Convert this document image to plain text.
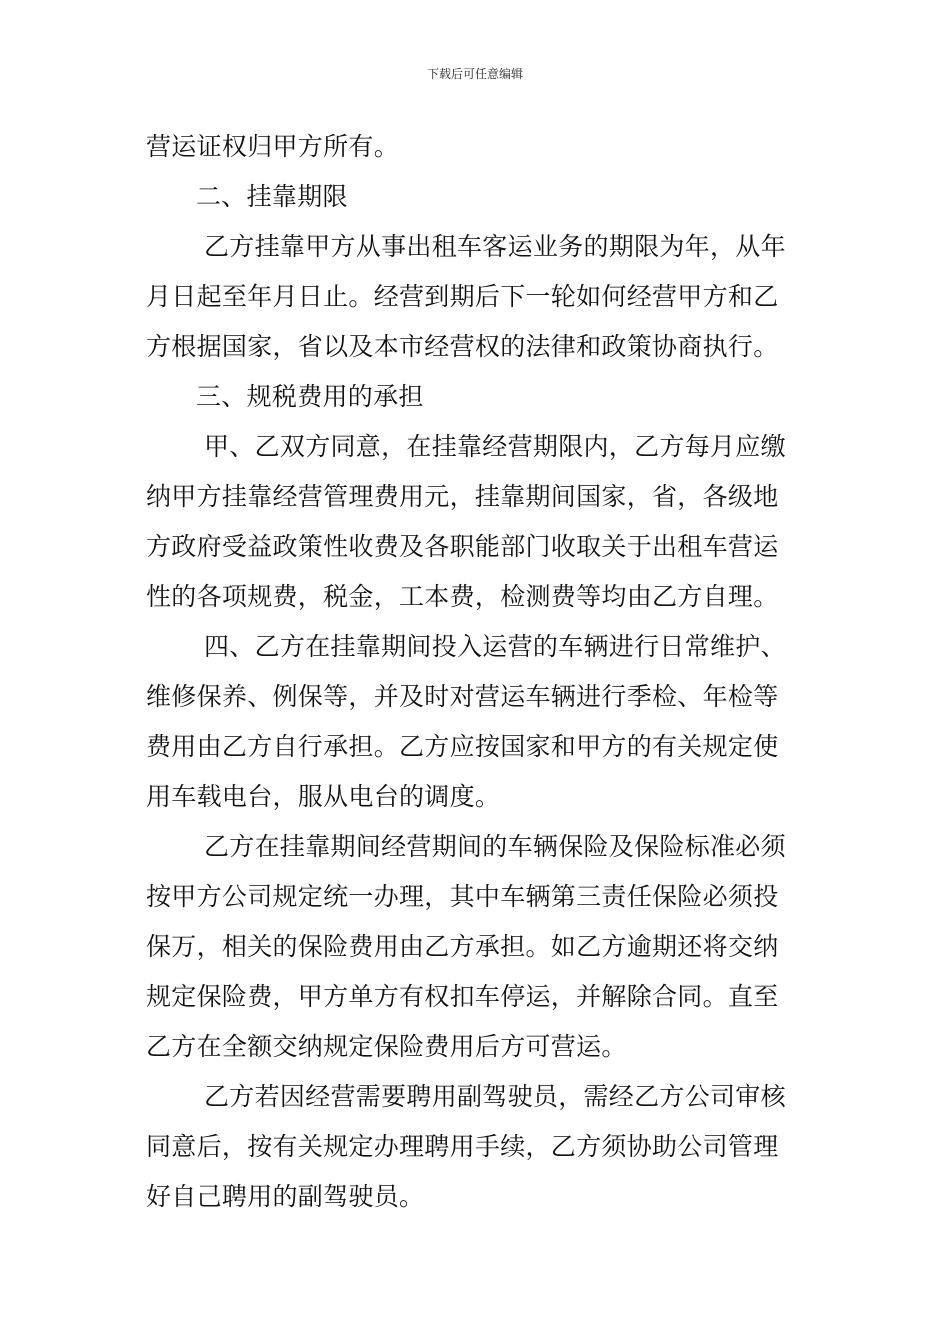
下载后可任意编辑
营运证权归甲方所有。
二、挂靠期限
乙方挂靠甲方从事出租车客运业务的期限为年，从年
月日起至年月日止。经营到期后下一轮如何经营甲方和乙
方根据国家，省以及本市经营权的法律和政策协商执行。
三、规税费用的承担
甲、乙双方同意，在挂靠经营期限内，乙方每月应缴
纳甲方挂靠经营管理费用元，挂靠期间国家，省，各级地
方政府受益政策性收费及各职能部门收取关于出租车营运
性的各项规费，税金，工本费，检测费等均由乙方自理。
四、乙方在挂靠期间投入运营的车辆进行日常维护、
维修保养、例保等，并及时对营运车辆进行季检、年检等
费用由乙方自行承担。乙方应按国家和甲方的有关规定使
用车载电台，服从电台的调度。
乙方在挂靠期间经营期间的车辆保险及保险标准必须
按甲方公司规定统一办理，其中车辆第三责任保险必须投
保万，相关的保险费用由乙方承担。如乙方逾期还将交纳
规定保险费，甲方单方有权扣车停运，并解除合同。直至
乙方在全额交纳规定保险费用后方可营运。
乙方若因经营需要聘用副驾驶员，需经乙方公司审核
同意后，按有关规定办理聘用手续，乙方须协助公司管理
好自己聘用的副驾驶员。
